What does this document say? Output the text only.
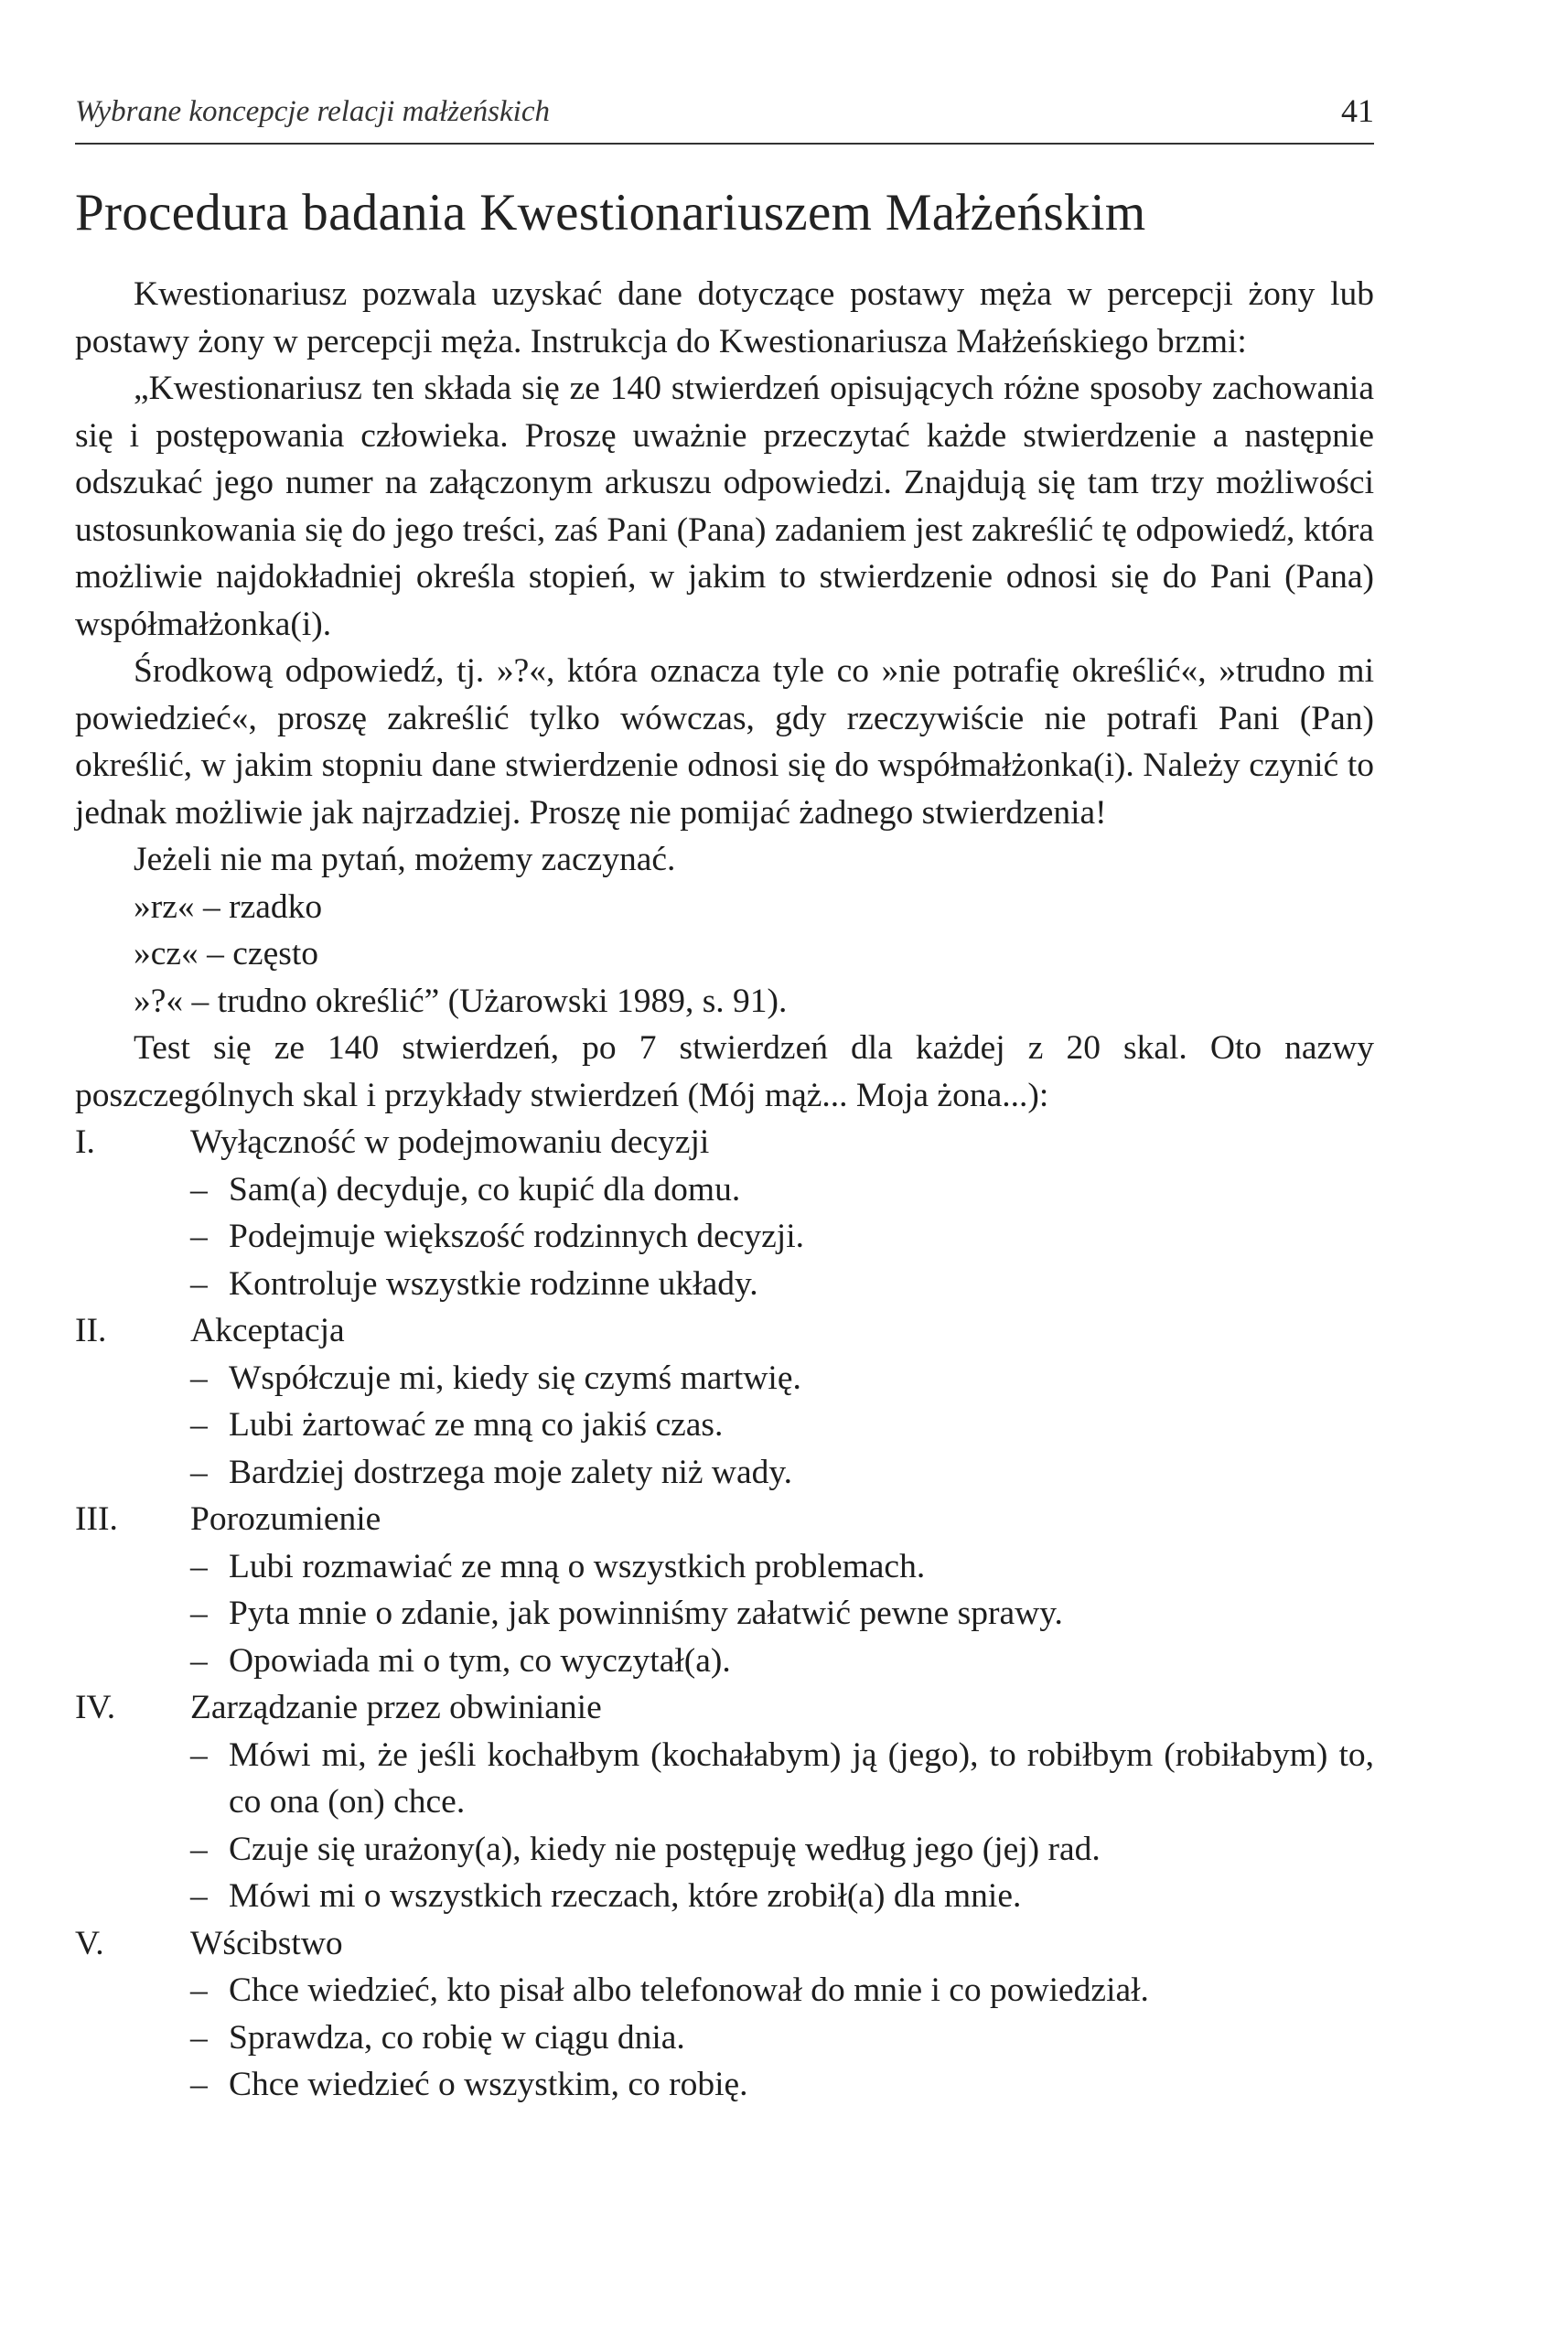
Wybrane koncepcje relacji małżeńskich	41
Procedura badania Kwestionariuszem Małżeńskim

Kwestionariusz pozwala uzyskać dane dotyczące postawy męża w percepcji żony lub postawy żony w percepcji męża. Instrukcja do Kwestionariusza Małżeńskiego brzmi:

„Kwestionariusz ten składa się ze 140 stwierdzeń opisujących różne sposoby zachowania się i postępowania człowieka. Proszę uważnie przeczytać każde stwierdzenie a następnie odszukać jego numer na załączonym arkuszu odpowiedzi. Znajdują się tam trzy możliwości ustosunkowania się do jego treści, zaś Pani (Pana) zadaniem jest zakreślić tę odpowiedź, która możliwie najdokładniej określa stopień, w jakim to stwierdzenie odnosi się do Pani (Pana) współmałżonka(i).

Środkową odpowiedź, tj. »?«, która oznacza tyle co »nie potrafię określić«, »trudno mi powiedzieć«, proszę zakreślić tylko wówczas, gdy rzeczywiście nie potrafi Pani (Pan) określić, w jakim stopniu dane stwierdzenie odnosi się do współmałżonka(i). Należy czynić to jednak możliwie jak najrzadziej. Proszę nie pomijać żadnego stwierdzenia!

Jeżeli nie ma pytań, możemy zaczynać.

»rz« – rzadko

»cz« – często

»?« – trudno określić” (Użarowski 1989, s. 91).

Test się ze 140 stwierdzeń, po 7 stwierdzeń dla każdej z 20 skal. Oto nazwy poszczególnych skal i przykłady stwierdzeń (Mój mąż... Moja żona...):

I.	Wyłączność w podejmowaniu decyzji

– Sam(a) decyduje, co kupić dla domu.

– Podejmuje większość rodzinnych decyzji.

– Kontroluje wszystkie rodzinne układy.

II.	Akceptacja

– Współczuje mi, kiedy się czymś martwię.

– Lubi żartować ze mną co jakiś czas.

– Bardziej dostrzega moje zalety niż wady.

III.	Porozumienie

– Lubi rozmawiać ze mną o wszystkich problemach.

– Pyta mnie o zdanie, jak powinniśmy załatwić pewne sprawy.

– Opowiada mi o tym, co wyczytał(a).

IV.	Zarządzanie przez obwinianie

– Mówi mi, że jeśli kochałbym (kochałabym) ją (jego), to robiłbym (robiłabym) to, co ona (on) chce.

– Czuje się urażony(a), kiedy nie postępuję według jego (jej) rad.

– Mówi mi o wszystkich rzeczach, które zrobił(a) dla mnie.

V.	Wścibstwo

– Chce wiedzieć, kto pisał albo telefonował do mnie i co powiedział.

– Sprawdza, co robię w ciągu dnia.

– Chce wiedzieć o wszystkim, co robię.
